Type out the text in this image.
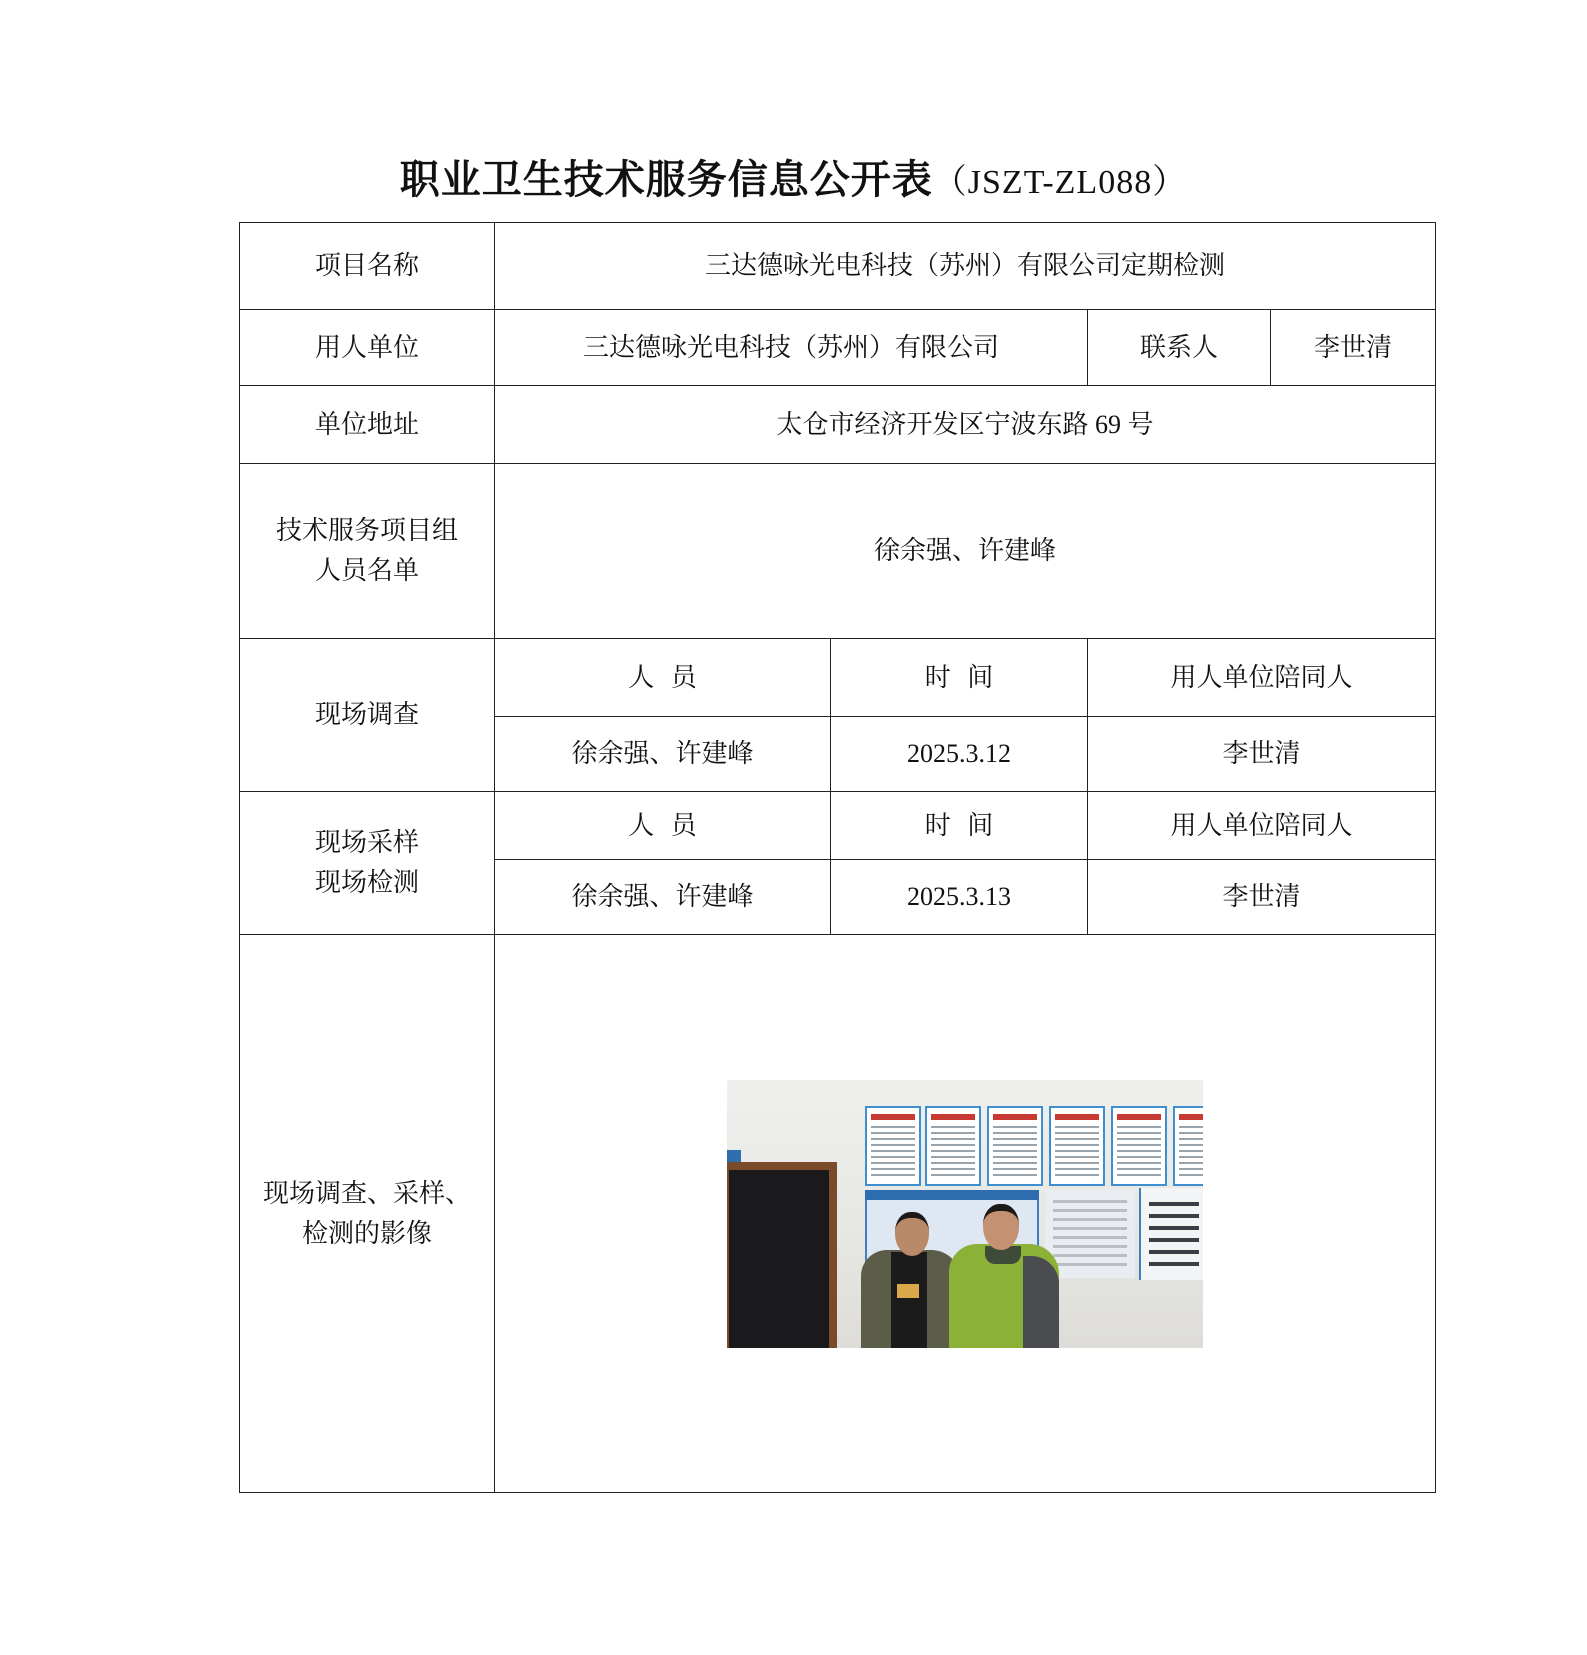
职业卫生技术服务信息公开表（JSZT-ZL088）
项目名称	三达德咏光电科技（苏州）有限公司定期检测			
用人单位	三达德咏光电科技（苏州）有限公司		联系人	李世清
单位地址	太仓市经济开发区宁波东路 69 号			

技术服务项目组
人员名单	徐余强、许建峰			
现场调查	人  员	时  间	用人单位陪同人	
	徐余强、许建峰	2025.3.12	李世清	

现场采样
现场检测	人  员	时  间	用人单位陪同人	
	徐余强、许建峰	2025.3.13	李世清	

现场调查、采样、
检测的影像				
